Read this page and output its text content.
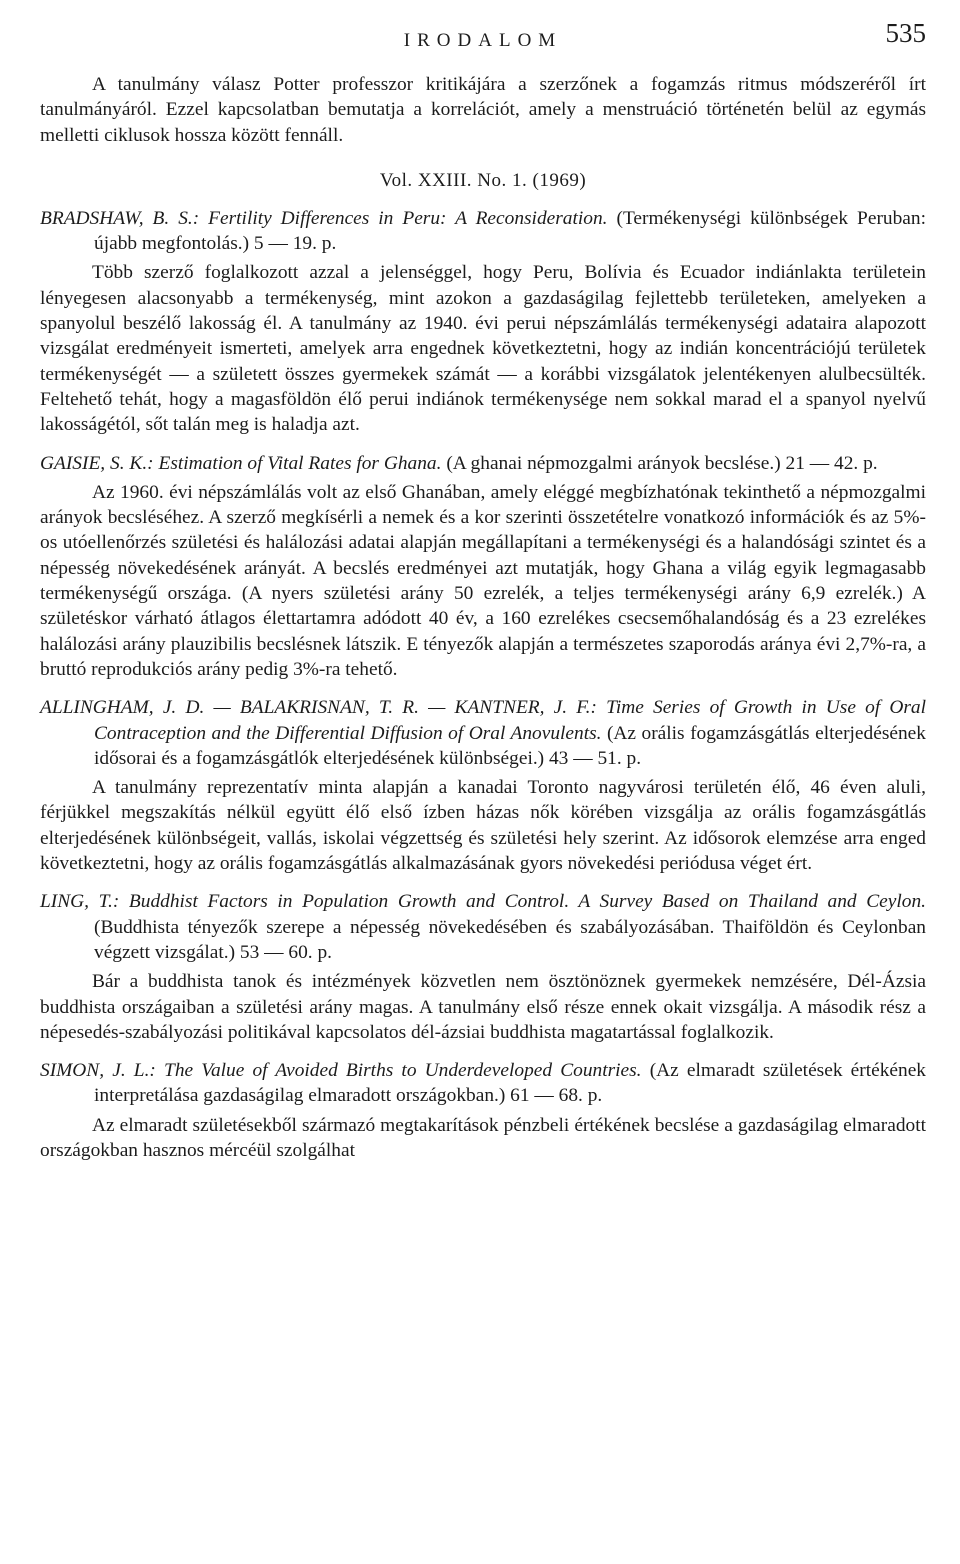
IRODALOM	535

A tanulmány válasz Potter professzor kritikájára a szerzőnek a fogamzás ritmus módszeréről írt tanulmányáról. Ezzel kapcsolatban bemutatja a korrelációt, amely a menstruáció történetén belül az egymás melletti ciklusok hossza között fennáll.

Vol. XXIII. No. 1. (1969)

BRADSHAW, B. S.: Fertility Differences in Peru: A Reconsideration. (Termékenységi különbségek Peruban: újabb megfontolás.) 5 — 19. p.

Több szerző foglalkozott azzal a jelenséggel, hogy Peru, Bolívia és Ecuador indiánlakta területein lényegesen alacsonyabb a termékenység, mint azokon a gazdaságilag fejlettebb területeken, amelyeken a spanyolul beszélő lakosság él. A tanulmány az 1940. évi perui népszámlálás termékenységi adataira alapozott vizsgálat eredményeit ismerteti, amelyek arra engednek következtetni, hogy az indián koncentrációjú területek termékenységét — a született összes gyermekek számát — a korábbi vizsgálatok jelentékenyen alulbecsülték. Feltehető tehát, hogy a magasföldön élő perui indiánok termékenysége nem sokkal marad el a spanyol nyelvű lakosságétól, sőt talán meg is haladja azt.

GAISIE, S. K.: Estimation of Vital Rates for Ghana. (A ghanai népmozgalmi arányok becslése.) 21 — 42. p.

Az 1960. évi népszámlálás volt az első Ghanában, amely eléggé megbízhatónak tekinthető a népmozgalmi arányok becsléséhez. A szerző megkísérli a nemek és a kor szerinti összetételre vonatkozó információk és az 5%-os utóellenőrzés születési és halálozási adatai alapján megállapítani a termékenységi és a halandósági szintet és a népesség növekedésének arányát. A becslés eredményei azt mutatják, hogy Ghana a világ egyik legmagasabb termékenységű országa. (A nyers születési arány 50 ezrelék, a teljes termékenységi arány 6,9 ezrelék.) A születéskor várható átlagos élettartamra adódott 40 év, a 160 ezrelékes csecsemőhalandóság és a 23 ezrelékes halálozási arány plauzibilis becslésnek látszik. E tényezők alapján a természetes szaporodás aránya évi 2,7%-ra, a bruttó reprodukciós arány pedig 3%-ra tehető.

ALLINGHAM, J. D. — BALAKRISNAN, T. R. — KANTNER, J. F.: Time Series of Growth in Use of Oral Contraception and the Differential Diffusion of Oral Anovulents. (Az orális fogamzásgátlás elterjedésének idősorai és a fogamzásgátlók elterjedésének különbségei.) 43 — 51. p.

A tanulmány reprezentatív minta alapján a kanadai Toronto nagyvárosi területén élő, 46 éven aluli, férjükkel megszakítás nélkül együtt élő első ízben házas nők körében vizsgálja az orális fogamzásgátlás elterjedésének különbségeit, vallás, iskolai végzettség és születési hely szerint. Az idősorok elemzése arra enged következtetni, hogy az orális fogamzásgátlás alkalmazásának gyors növekedési periódusa véget ért.

LING, T.: Buddhist Factors in Population Growth and Control. A Survey Based on Thailand and Ceylon. (Buddhista tényezők szerepe a népesség növekedésében és szabályozásában. Thaiföldön és Ceylonban végzett vizsgálat.) 53 — 60. p.

Bár a buddhista tanok és intézmények közvetlen nem ösztönöznek gyermekek nemzésére, Dél-Ázsia buddhista országaiban a születési arány magas. A tanulmány első része ennek okait vizsgálja. A második rész a népesedés-szabályozási politikával kapcsolatos dél-ázsiai buddhista magatartással foglalkozik.

SIMON, J. L.: The Value of Avoided Births to Underdeveloped Countries. (Az elmaradt születések értékének interpretálása gazdaságilag elmaradott országokban.) 61 — 68. p.

Az elmaradt születésekből származó megtakarítások pénzbeli értékének becslése a gazdaságilag elmaradott országokban hasznos mércéül szolgálhat
